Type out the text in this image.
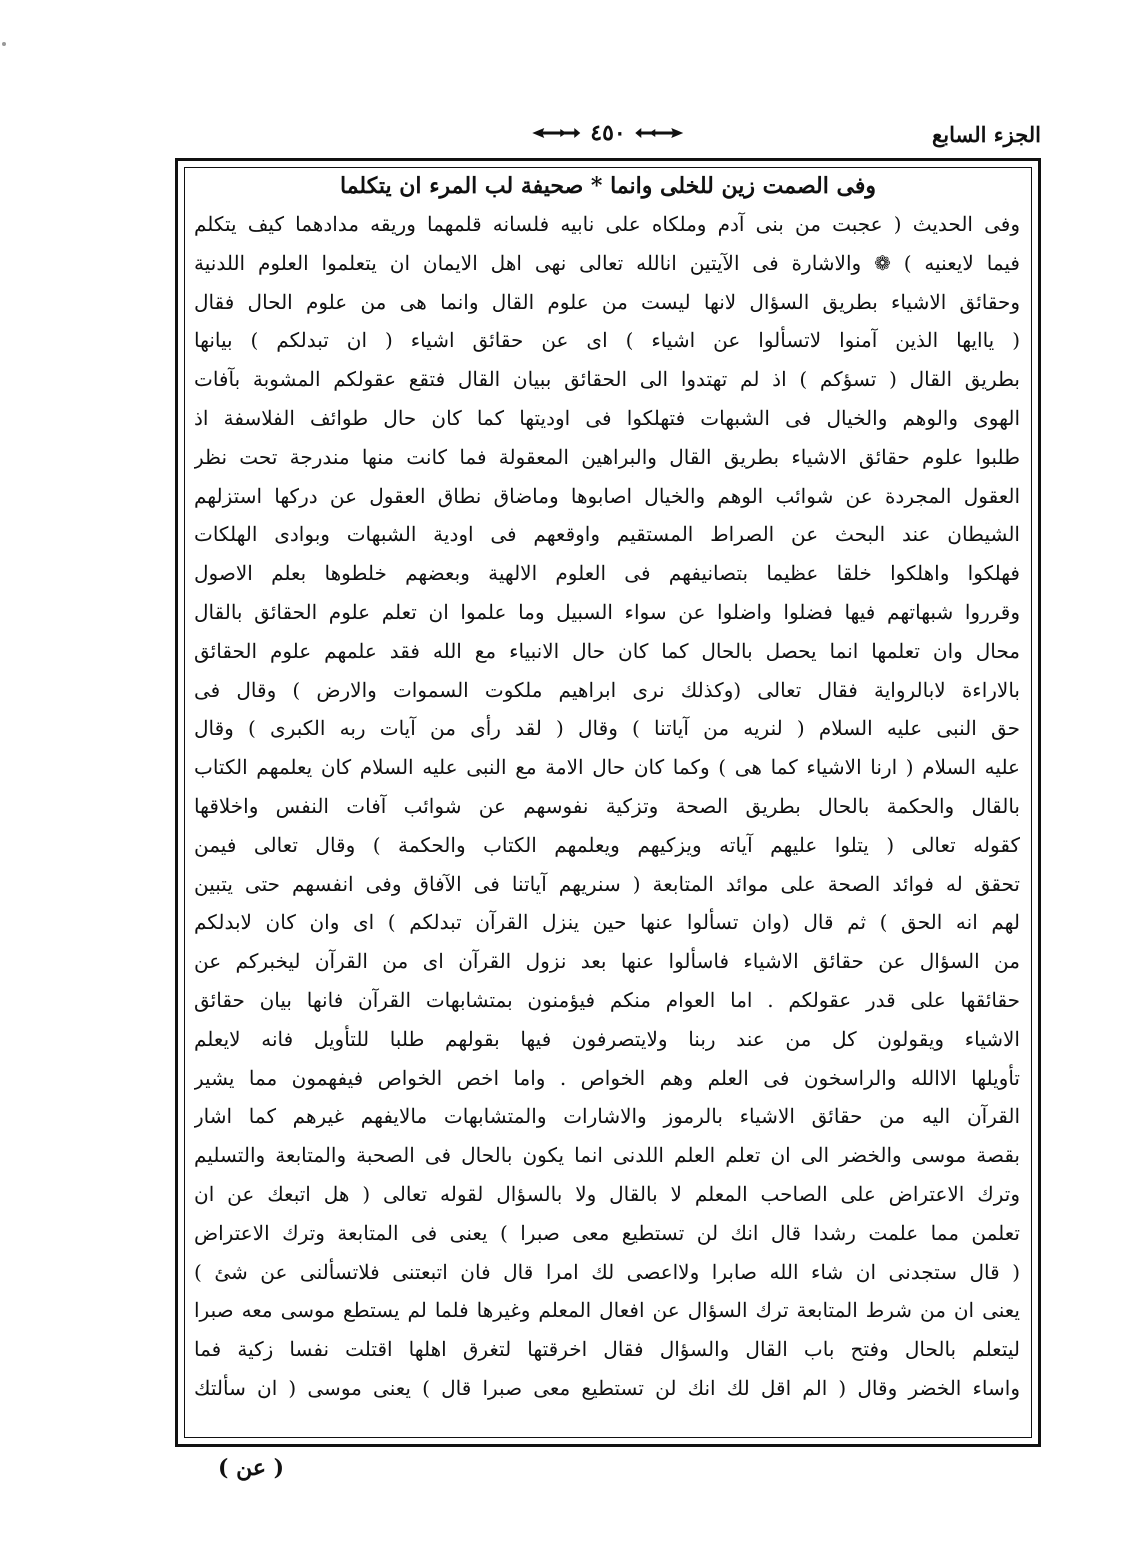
الجزء السابع
٤٥٠
وفى الصمت زين للخلى وانما * صحيفة لب المرء ان يتكلما
وفى الحديث ( عجبت من بنى آدم وملكاه على نابيه فلسانه قلمهما وريقه مدادهما كيف يتكلم
فيما لايعنيه ) ❁ والاشارة فى الآيتين انالله تعالى نهى اهل الايمان ان يتعلموا العلوم اللدنية
وحقائق الاشياء بطريق السؤال لانها ليست من علوم القال وانما هى من علوم الحال فقال
( ياايها الذين آمنوا لاتسألوا عن اشياء ) اى عن حقائق اشياء ( ان تبدلكم ) بيانها
بطريق القال ( تسؤكم ) اذ لم تهتدوا الى الحقائق ببيان القال فتقع عقولكم المشوبة بآفات
الهوى والوهم والخيال فى الشبهات فتهلكوا فى اوديتها كما كان حال طوائف الفلاسفة اذ
طلبوا علوم حقائق الاشياء بطريق القال والبراهين المعقولة فما كانت منها مندرجة تحت نظر
العقول المجردة عن شوائب الوهم والخيال اصابوها وماضاق نطاق العقول عن دركها استزلهم
الشيطان عند البحث عن الصراط المستقيم واوقعهم فى اودية الشبهات وبوادى الهلكات
فهلكوا واهلكوا خلقا عظيما بتصانيفهم فى العلوم الالهية وبعضهم خلطوها بعلم الاصول
وقرروا شبهاتهم فيها فضلوا واضلوا عن سواء السبيل وما علموا ان تعلم علوم الحقائق بالقال
محال وان تعلمها انما يحصل بالحال كما كان حال الانبياء مع الله فقد علمهم علوم الحقائق
بالاراءة لابالرواية فقال تعالى (وكذلك نرى ابراهيم ملكوت السموات والارض ) وقال فى
حق النبى عليه السلام ( لنريه من آياتنا ) وقال ( لقد رأى من آيات ربه الكبرى ) وقال
عليه السلام ( ارنا الاشياء كما هى ) وكما كان حال الامة مع النبى عليه السلام كان يعلمهم الكتاب
بالقال والحكمة بالحال بطريق الصحة وتزكية نفوسهم عن شوائب آفات النفس واخلاقها
كقوله تعالى ( يتلوا عليهم آياته ويزكيهم ويعلمهم الكتاب والحكمة ) وقال تعالى فيمن
تحقق له فوائد الصحة على موائد المتابعة ( سنريهم آياتنا فى الآفاق وفى انفسهم حتى يتبين
لهم انه الحق ) ثم قال (وان تسألوا عنها حين ينزل القرآن تبدلكم ) اى وان كان لابدلكم
من السؤال عن حقائق الاشياء فاسألوا عنها بعد نزول القرآن اى من القرآن ليخبركم عن
حقائقها على قدر عقولكم . اما العوام منكم فيؤمنون بمتشابهات القرآن فانها بيان حقائق
الاشياء ويقولون كل من عند ربنا ولايتصرفون فيها بقولهم طلبا للتأويل فانه لايعلم
تأويلها الاالله والراسخون فى العلم وهم الخواص . واما اخص الخواص فيفهمون مما يشير
القرآن اليه من حقائق الاشياء بالرموز والاشارات والمتشابهات مالايفهم غيرهم كما اشار
بقصة موسى والخضر الى ان تعلم العلم اللدنى انما يكون بالحال فى الصحبة والمتابعة والتسليم
وترك الاعتراض على الصاحب المعلم لا بالقال ولا بالسؤال لقوله تعالى ( هل اتبعك عن ان
تعلمن مما علمت رشدا قال انك لن تستطيع معى صبرا ) يعنى فى المتابعة وترك الاعتراض
( قال ستجدنى ان شاء الله صابرا ولااعصى لك امرا قال فان اتبعتنى فلاتسألنى عن شئ )
يعنى ان من شرط المتابعة ترك السؤال عن افعال المعلم وغيرها فلما لم يستطع موسى معه صبرا
ليتعلم بالحال وفتح باب القال والسؤال فقال اخرقتها لتغرق اهلها اقتلت نفسا زكية فما
واساء الخضر وقال ( الم اقل لك انك لن تستطيع معى صبرا قال ) يعنى موسى ( ان سألتك
( عن )
